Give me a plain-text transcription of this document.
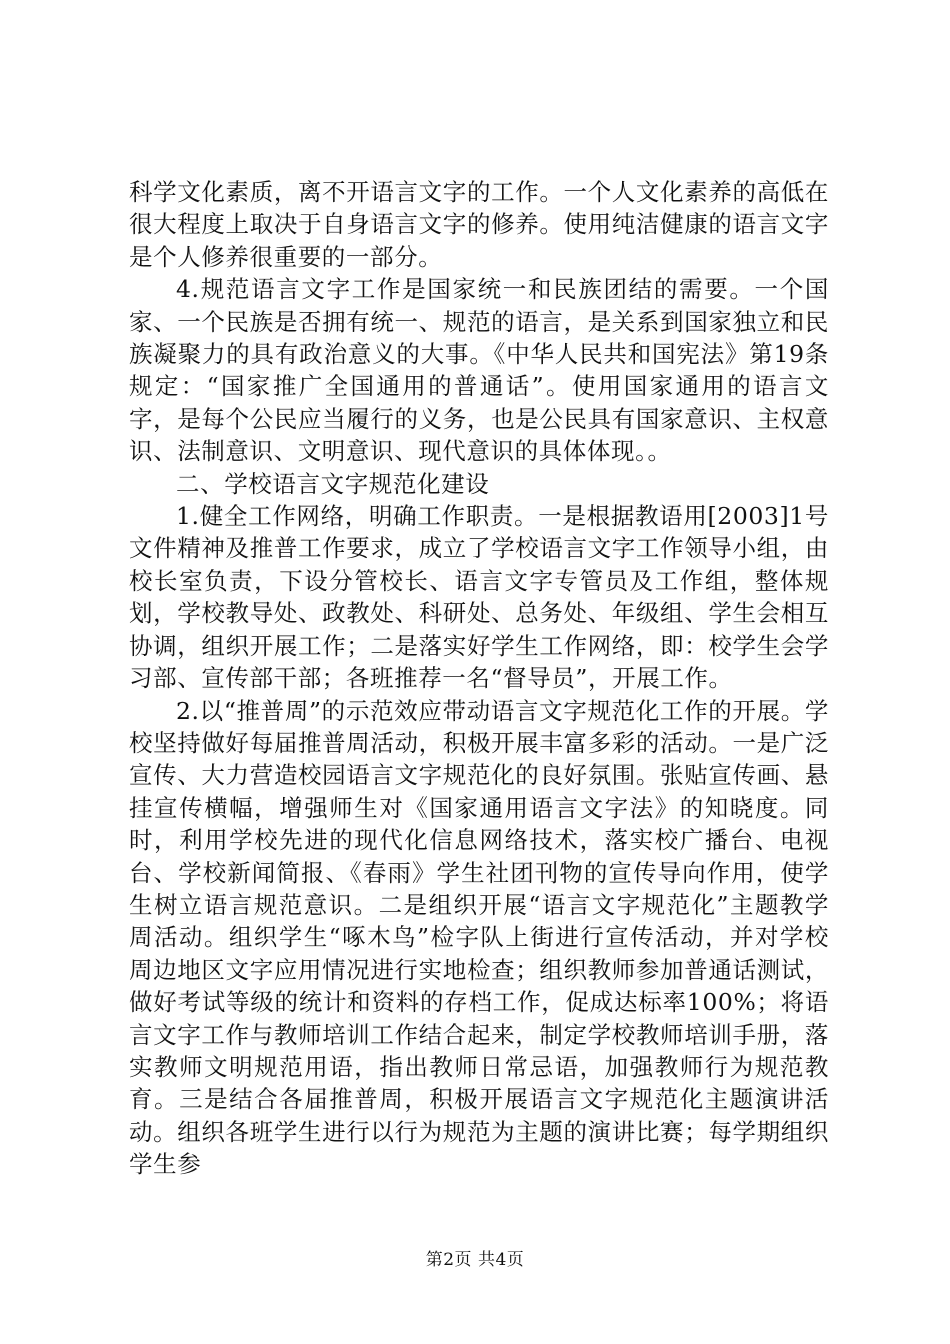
科学文化素质，离不开语言文字的工作。一个人文化素养的高低在很大程度上取决于自身语言文字的修养。使用纯洁健康的语言文字是个人修养很重要的一部分。

4.规范语言文字工作是国家统一和民族团结的需要。一个国家、一个民族是否拥有统一、规范的语言，是关系到国家独立和民族凝聚力的具有政治意义的大事。《中华人民共和国宪法》第19条规定：“国家推广全国通用的普通话”。使用国家通用的语言文字，是每个公民应当履行的义务，也是公民具有国家意识、主权意识、法制意识、文明意识、现代意识的具体体现。。

二、学校语言文字规范化建设

1.健全工作网络，明确工作职责。一是根据教语用[2003]1号文件精神及推普工作要求，成立了学校语言文字工作领导小组，由校长室负责，下设分管校长、语言文字专管员及工作组，整体规划，学校教导处、政教处、科研处、总务处、年级组、学生会相互协调，组织开展工作；二是落实好学生工作网络，即：校学生会学习部、宣传部干部；各班推荐一名“督导员”，开展工作。

2.以“推普周”的示范效应带动语言文字规范化工作的开展。学校坚持做好每届推普周活动，积极开展丰富多彩的活动。一是广泛宣传、大力营造校园语言文字规范化的良好氛围。张贴宣传画、悬挂宣传横幅，增强师生对《国家通用语言文字法》的知晓度。同时，利用学校先进的现代化信息网络技术，落实校广播台、电视台、学校新闻简报、《春雨》学生社团刊物的宣传导向作用，使学生树立语言规范意识。二是组织开展“语言文字规范化”主题教学周活动。组织学生“啄木鸟”检字队上街进行宣传活动，并对学校周边地区文字应用情况进行实地检查；组织教师参加普通话测试，做好考试等级的统计和资料的存档工作，促成达标率100%；将语言文字工作与教师培训工作结合起来，制定学校教师培训手册，落实教师文明规范用语，指出教师日常忌语，加强教师行为规范教育。三是结合各届推普周，积极开展语言文字规范化主题演讲活动。组织各班学生进行以行为规范为主题的演讲比赛；每学期组织学生参

第2页 共4页
